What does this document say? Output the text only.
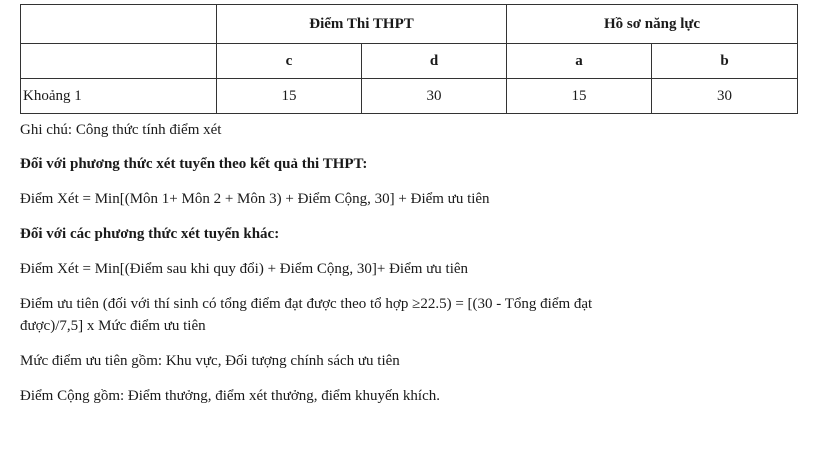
	Điểm Thi THPT		Hồ sơ năng lực	
	c	d	a	b
Khoảng 1	15	30	15	30

Ghi chú: Công thức tính điểm xét

Đối với phương thức xét tuyển theo kết quả thi THPT:

Điểm Xét = Min[(Môn 1+ Môn 2 + Môn 3) + Điểm Cộng, 30] + Điểm ưu tiên

Đối với các phương thức xét tuyển khác:

Điểm Xét = Min[(Điểm sau khi quy đổi) + Điểm Cộng, 30]+ Điểm ưu tiên

Điểm ưu tiên (đối với thí sinh có tổng điểm đạt được theo tổ hợp ≥22.5) = [(30 - Tổng điểm đạt

được)/7,5] x Mức điểm ưu tiên

Mức điểm ưu tiên gồm: Khu vực, Đối tượng chính sách ưu tiên

Điểm Cộng gồm: Điểm thưởng, điểm xét thưởng, điểm khuyến khích.
